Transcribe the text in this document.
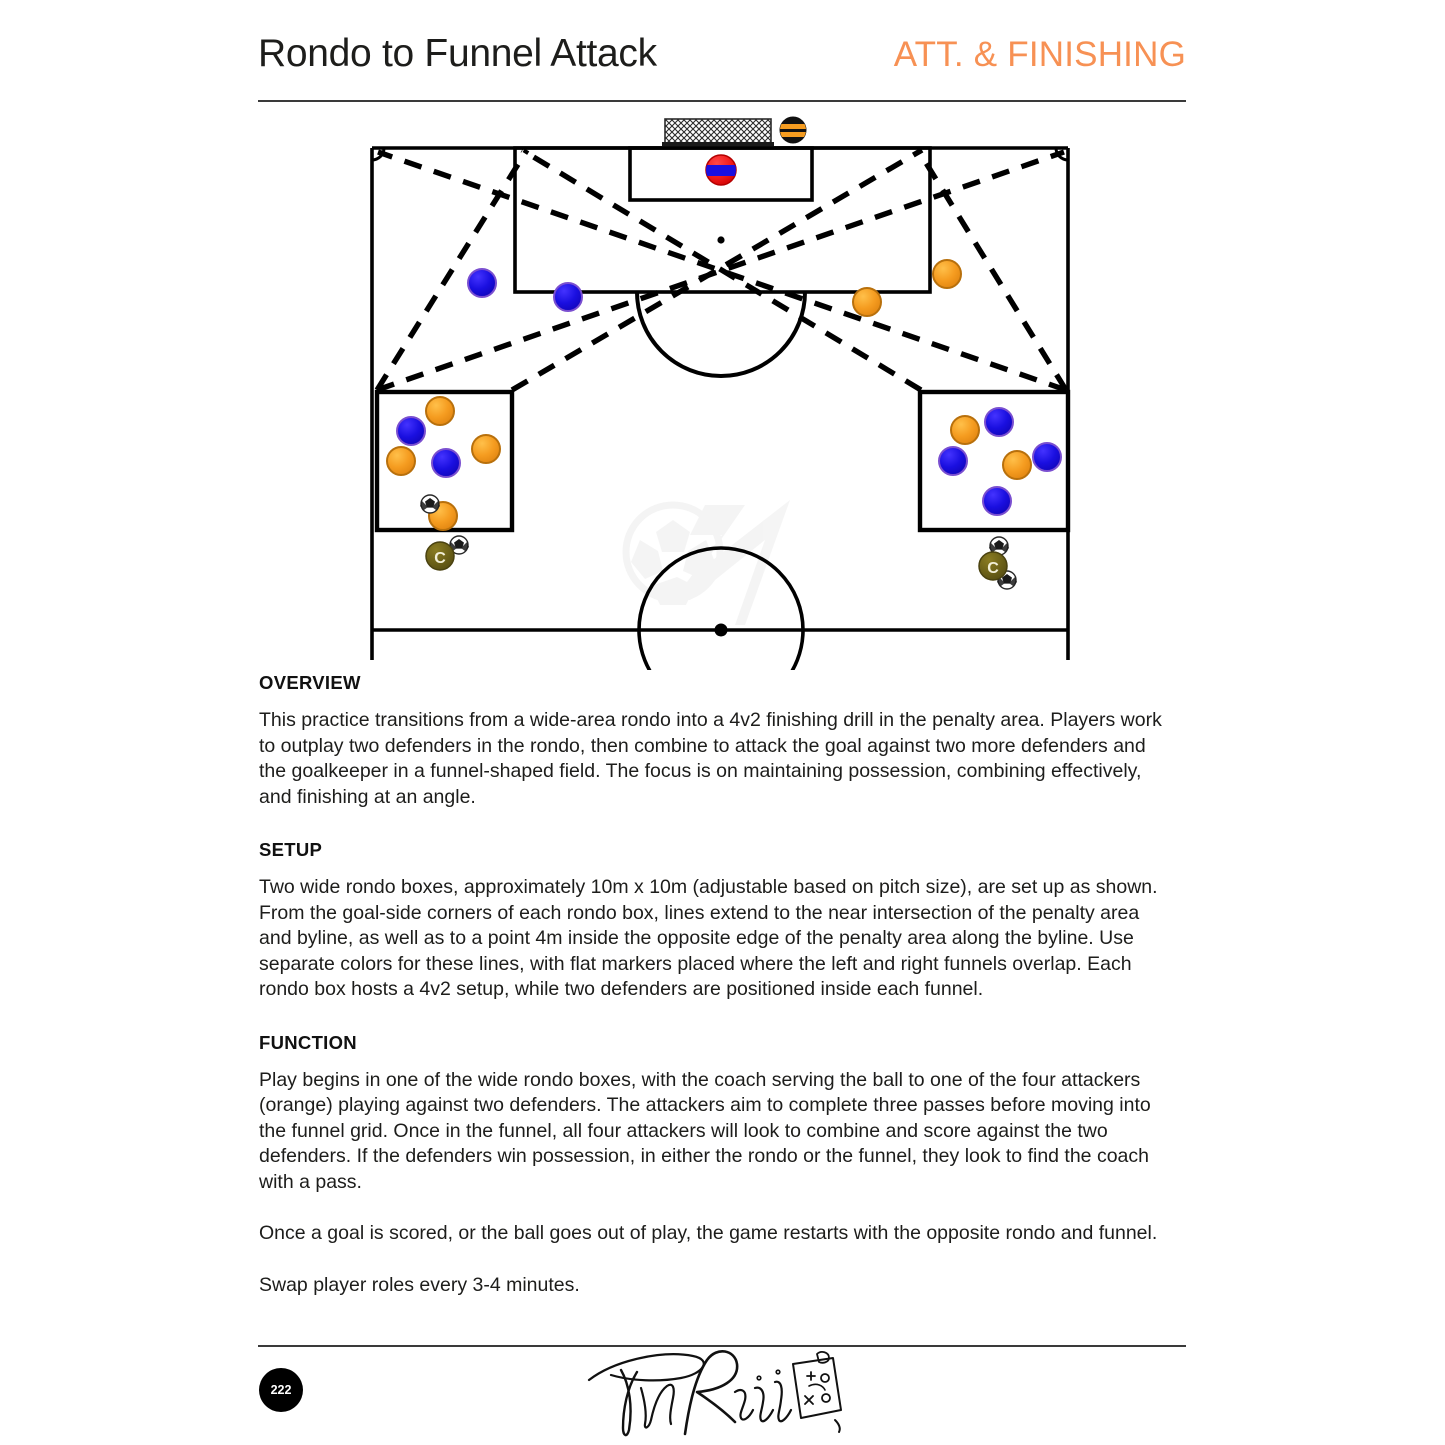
Rondo to Funnel Attack	ATT. & FINISHING
C
C
OVERVIEW

This practice transitions from a wide-area rondo into a 4v2 finishing drill in the penalty area. Players work to outplay two defenders in the rondo, then combine to attack the goal against two more defenders and the goalkeeper in a funnel-shaped field. The focus is on maintaining possession, combining effectively, and finishing at an angle.

SETUP

Two wide rondo boxes, approximately 10m x 10m (adjustable based on pitch size), are set up as shown. From the goal-side corners of each rondo box, lines extend to the near intersection of the penalty area and byline, as well as to a point 4m inside the opposite edge of the penalty area along the byline. Use separate colors for these lines, with flat markers placed where the left and right funnels overlap. Each rondo box hosts a 4v2 setup, while two defenders are positioned inside each funnel.

FUNCTION

Play begins in one of the wide rondo boxes, with the coach serving the ball to one of the four attackers (orange) playing against two defenders. The attackers aim to complete three passes before moving into the funnel grid. Once in the funnel, all four attackers will look to combine and score against the two defenders. If the defenders win possession, in either the rondo or the funnel, they look to find the coach with a pass.

Once a goal is scored, or the ball goes out of play, the game restarts with the opposite rondo and funnel.

Swap player roles every 3-4 minutes.

222
